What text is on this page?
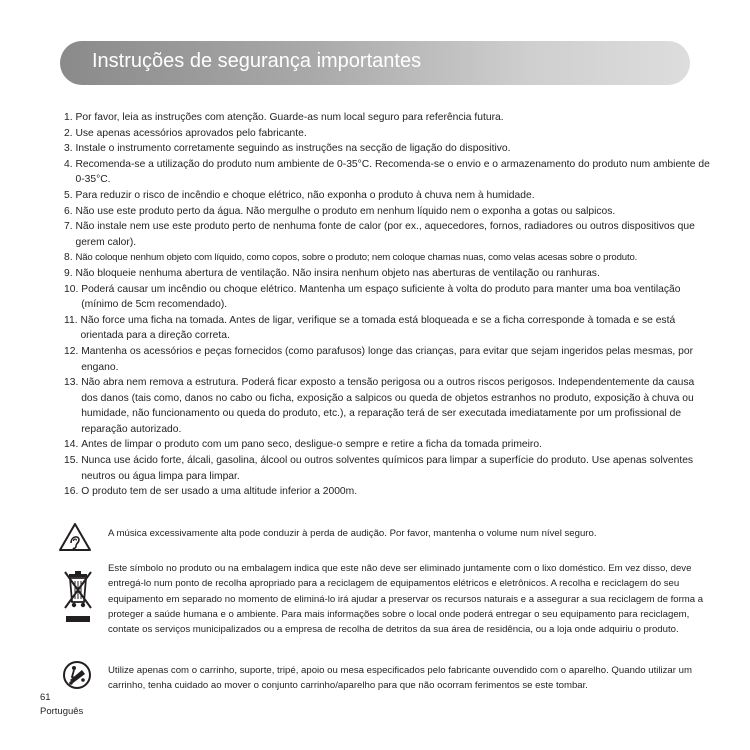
Instruções de segurança importantes
1.
Por favor, leia as instruções com atenção. Guarde-as num local seguro para referência futura.
2.
Use apenas acessórios aprovados pelo fabricante.
3.
Instale o instrumento corretamente seguindo as instruções na secção de ligação do dispositivo.
4.
Recomenda-se a utilização do produto num ambiente de 0-35°C. Recomenda-se o envio e o armazenamento do produto num ambiente de 0-35°C.
5.
Para reduzir o risco de incêndio e choque elétrico, não exponha o produto à chuva nem à humidade.
6.
Não use este produto perto da água. Não mergulhe o produto em nenhum líquido nem o exponha a gotas ou salpicos.
7.
Não instale nem use este produto perto de nenhuma fonte de calor (por ex., aquecedores, fornos, radiadores ou outros dispositivos que gerem calor).
8.
Não coloque nenhum objeto com líquido, como copos, sobre o produto; nem coloque chamas nuas, como velas acesas sobre o produto.
9.
Não bloqueie nenhuma abertura de ventilação. Não insira nenhum objeto nas aberturas de ventilação ou ranhuras.
10.
Poderá causar um incêndio ou choque elétrico. Mantenha um espaço suficiente à volta do produto para manter uma boa ventilação (mínimo de 5cm recomendado).
11.
Não force uma ficha na tomada. Antes de ligar, verifique se a tomada está bloqueada e se a ficha corresponde à tomada e se está orientada para a direção correta.
12.
Mantenha os acessórios e peças fornecidos (como parafusos) longe das crianças, para evitar que sejam ingeridos pelas mesmas, por engano.
13.
Não abra nem remova a estrutura. Poderá ficar exposto a tensão perigosa ou a outros riscos perigosos. Independentemente da causa dos danos (tais como, danos no cabo ou ficha, exposição a salpicos ou queda de objetos estranhos no produto, exposição à chuva ou humidade, não funcionamento ou queda do produto, etc.), a reparação terá de ser executada imediatamente por um profissional de reparação autorizado.
14.
Antes de limpar o produto com um pano seco, desligue-o sempre e retire a ficha da tomada primeiro.
15.
Nunca use ácido forte, álcali, gasolina, álcool ou outros solventes químicos para limpar a superfície do produto. Use apenas solventes neutros ou água limpa para limpar.
16.
O produto tem de ser usado a uma altitude inferior a 2000m.
A música excessivamente alta pode conduzir à perda de audição. Por favor, mantenha o volume num nível seguro.
Este símbolo no produto ou na embalagem indica que este não deve ser eliminado juntamente com o lixo doméstico. Em vez disso, deve entregá-lo num ponto de recolha apropriado para a reciclagem de equipamentos elétricos e eletrônicos. A recolha e reciclagem do seu equipamento em separado no momento de eliminá-lo irá ajudar a preservar os recursos naturais e a assegurar a sua reciclagem de forma a proteger a saúde humana e o ambiente. Para mais informações sobre o local onde poderá entregar o seu equipamento para reciclagem, contate os serviços municipalizados ou a empresa de recolha de detritos da sua área de residência, ou a loja onde adquiriu o produto.
Utilize apenas com o carrinho, suporte, tripé, apoio ou mesa especificados pelo fabricante ouvendido com o aparelho. Quando utilizar um carrinho, tenha cuidado ao mover o conjunto carrinho/aparelho para que não ocorram ferimentos se este tombar.
61
Português
